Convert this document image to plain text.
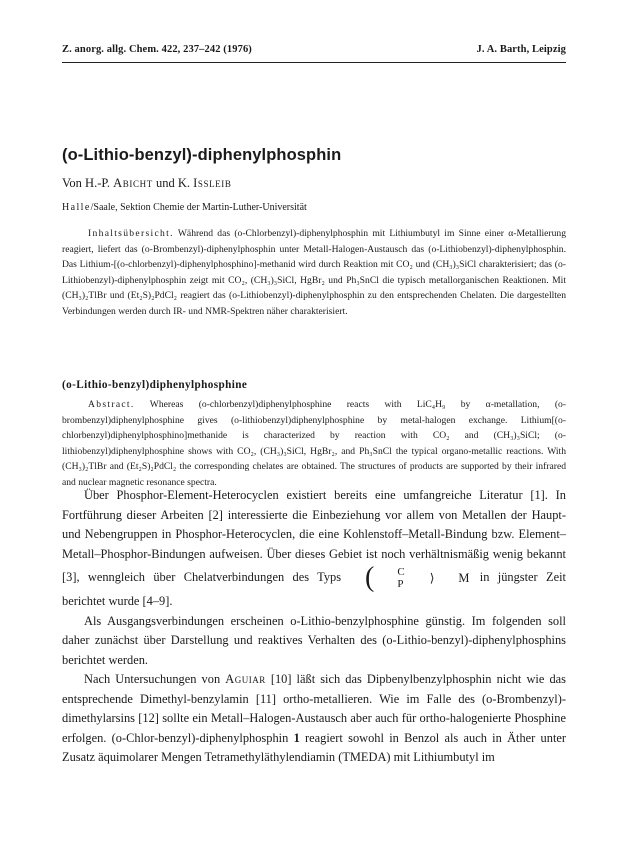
Z. anorg. allg. Chem. 422, 237–242 (1976)	J. A. Barth, Leipzig
(o-Lithio-benzyl)-diphenylphosphin
Von H.-P. Abicht und K. Issleib
Halle/Saale, Sektion Chemie der Martin-Luther-Universität
Inhaltsübersicht. Während das (o-Chlorbenzyl)-diphenylphosphin mit Lithiumbutyl im Sinne einer α-Metallierung reagiert, liefert das (o-Brombenzyl)-diphenylphosphin unter Metall-Halogen-Austausch das (o-Lithiobenzyl)-diphenylphosphin. Das Lithium-[(o-chlorbenzyl)-diphenylphosphino]-methanid wird durch Reaktion mit CO₂ und (CH₃)₃SiCl charakterisiert; das (o-Lithiobenzyl)-diphenylphosphin zeigt mit CO₂, (CH₃)₃SiCl, HgBr₂ und Ph₃SnCl die typisch metallorganischen Reaktionen. Mit (CH₃)₂TlBr und (Et₂S)₂PdCl₂ reagiert das (o-Lithiobenzyl)-diphenylphosphin zu den entsprechenden Chelaten. Die dargestellten Verbindungen werden durch IR- und NMR-Spektren näher charakterisiert.
(o-Lithio-benzyl)diphenylphosphine
Abstract. Whereas (o-chlorbenzyl)diphenylphosphine reacts with LiC₄H₉ by α-metallation, (o-brombenzyl)diphenylphosphine gives (o-lithiobenzyl)diphenylphosphine by metal-halogen exchange. Lithium[(o-chlorbenzyl)diphenylphosphino]methanide is characterized by reaction with CO₂ and (CH₃)₃SiCl; (o-lithiobenzyl)diphenylphosphine shows with CO₂, (CH₃)₃SiCl, HgBr₂, and Ph₃SnCl the typical organo-metallic reactions. With (CH₃)₂TlBr and (Et₂S)₂PdCl₂ the corresponding chelates are obtained. The structures of products are supported by their infrared and nuclear magnetic resonance spectra.

Über Phosphor-Element-Heterocyclen existiert bereits eine umfangreiche Literatur [1]. In Fortführung dieser Arbeiten [2] interessierte die Einbeziehung vor allem von Metallen der Haupt- und Nebengruppen in Phosphor-Heterocyclen, die eine Kohlenstoff–Metall-Bindung bzw. Element–Metall–Phosphor-Bindungen aufweisen. Über dieses Gebiet ist noch verhältnismäßig wenig bekannt [3], wenngleich über Chelatverbindungen des Typs (	C
P	⟩	M in jüngster Zeit berichtet wurde [4–9].

Als Ausgangsverbindungen erscheinen o-Lithio-benzylphosphine günstig. Im folgenden soll daher zunächst über Darstellung und reaktives Verhalten des (o-Lithio-benzyl)-diphenylphosphins berichtet werden.

Nach Untersuchungen von Aguiar [10] läßt sich das Dipbenylbenzylphosphin nicht wie das entsprechende Dimethyl-benzylamin [11] ortho-metallieren. Wie im Falle des (o-Brombenzyl)-dimethylarsins [12] sollte ein Metall–Halogen-Austausch aber auch für ortho-halogenierte Phosphine erfolgen. (o-Chlor-benzyl)-diphenylphosphin 1 reagiert sowohl in Benzol als auch in Äther unter Zusatz äquimolarer Mengen Tetramethyläthylendiamin (TMEDA) mit Lithiumbutyl im
